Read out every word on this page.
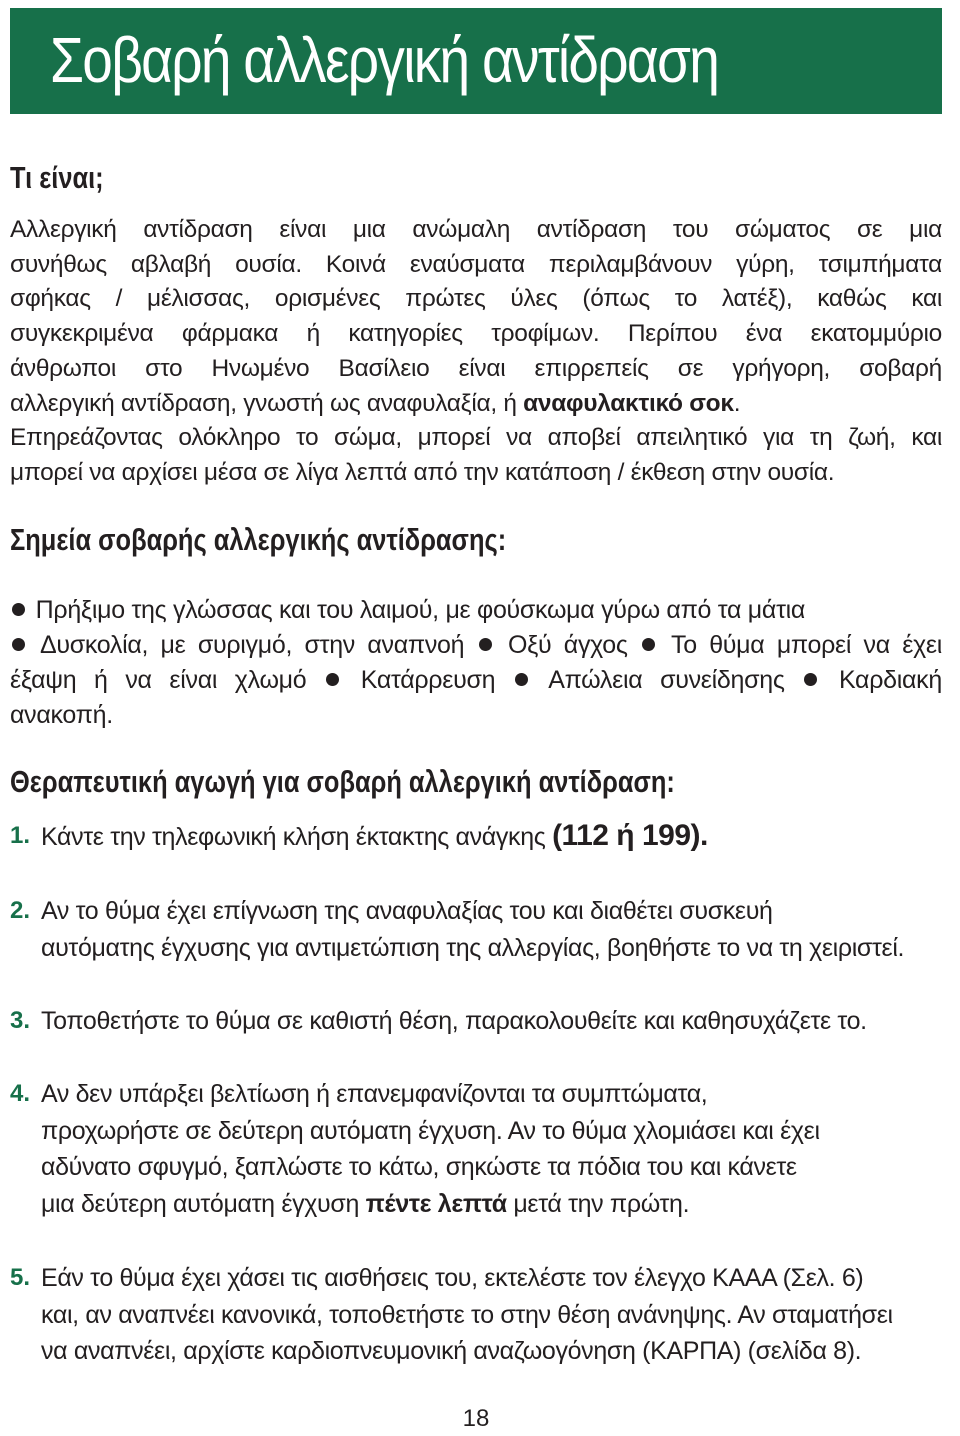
Σοβαρή αλλεργική αντίδραση
Τι είναι;
Αλλεργική αντίδραση είναι μια ανώμαλη αντίδραση του σώματος σε μια
συνήθως αβλαβή ουσία. Κοινά εναύσματα περιλαμβάνουν γύρη, τσιμπήματα
σφήκας / μέλισσας, ορισμένες πρώτες ύλες (όπως το λατέξ), καθώς και
συγκεκριμένα φάρμακα ή κατηγορίες τροφίμων. Περίπου ένα εκατομμύριο
άνθρωποι στο Ηνωμένο Βασίλειο είναι επιρρεπείς σε γρήγορη, σοβαρή
αλλεργική αντίδραση, γνωστή ως αναφυλαξία, ή αναφυλακτικό σοκ.
Επηρεάζοντας ολόκληρο το σώμα, μπορεί να αποβεί απειλητικό για τη ζωή, και
μπορεί να αρχίσει μέσα σε λίγα λεπτά από την κατάποση / έκθεση στην ουσία.
Σημεία σοβαρής αλλεργικής αντίδρασης:
Πρήξιμο της γλώσσας και του λαιμού, με φούσκωμα γύρω από τα μάτια
Δυσκολία, με συριγμό, στην αναπνοή Οξύ άγχος Το θύμα μπορεί να έχει
έξαψη ή να είναι χλωμό Κατάρρευση Απώλεια συνείδησης Καρδιακή
ανακοπή.
Θεραπευτική αγωγή για σοβαρή αλλεργική αντίδραση:
1. Κάντε την τηλεφωνική κλήση έκτακτης ανάγκης (112 ή 199).
2. Αν το θύμα έχει επίγνωση της αναφυλαξίας του και διαθέτει συσκευή
αυτόματης έγχυσης για αντιμετώπιση της αλλεργίας, βοηθήστε το να τη χειριστεί.
3. Τοποθετήστε το θύμα σε καθιστή θέση, παρακολουθείτε και καθησυχάζετε το.
4. Αν δεν υπάρξει βελτίωση ή επανεμφανίζονται τα συμπτώματα,
προχωρήστε σε δεύτερη αυτόματη έγχυση. Αν το θύμα χλομιάσει και έχει
αδύνατο σφυγμό, ξαπλώστε το κάτω, σηκώστε τα πόδια του και κάνετε
μια δεύτερη αυτόματη έγχυση πέντε λεπτά μετά την πρώτη.
5. Εάν το θύμα έχει χάσει τις αισθήσεις του, εκτελέστε τον έλεγχο ΚΑΑΑ (Σελ. 6)
και, αν αναπνέει κανονικά, τοποθετήστε το στην θέση ανάνηψης. Αν σταματήσει
να αναπνέει, αρχίστε καρδιοπνευμονική αναζωογόνηση (ΚΑΡΠΑ) (σελίδα 8).
18
